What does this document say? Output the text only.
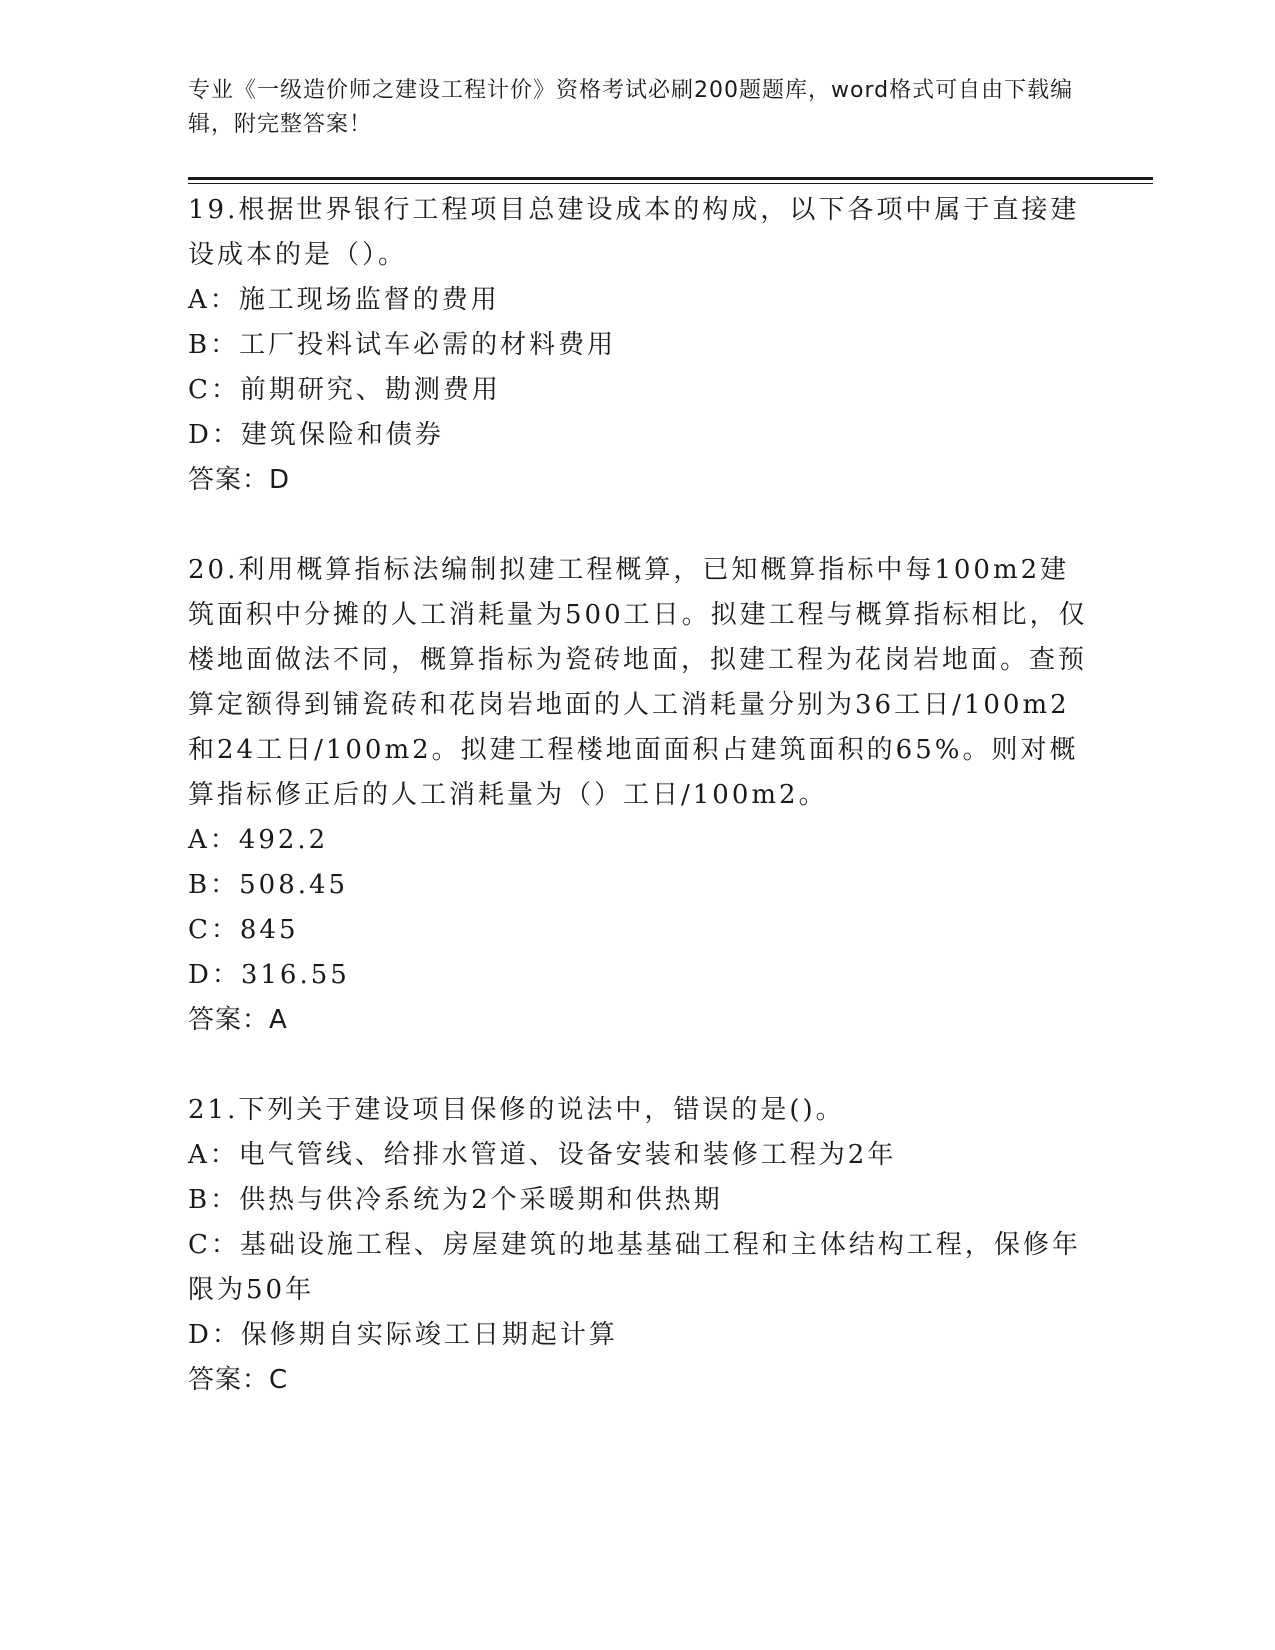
专业《一级造价师之建设工程计价》资格考试必刷200题题库，word格式可自由下载编辑，附完整答案！

19.根据世界银行工程项目总建设成本的构成，以下各项中属于直接建设成本的是（）。

A：施工现场监督的费用

B：工厂投料试车必需的材料费用

C：前期研究、勘测费用

D：建筑保险和债券

答案：D

20.利用概算指标法编制拟建工程概算，已知概算指标中每100m2建筑面积中分摊的人工消耗量为500工日。拟建工程与概算指标相比，仅楼地面做法不同，概算指标为瓷砖地面，拟建工程为花岗岩地面。查预算定额得到铺瓷砖和花岗岩地面的人工消耗量分别为36工日/100m2和24工日/100m2。拟建工程楼地面面积占建筑面积的65%。则对概算指标修正后的人工消耗量为（）工日/100m2。

A：492.2

B：508.45

C：845

D：316.55

答案：A

21.下列关于建设项目保修的说法中，错误的是()。

A：电气管线、给排水管道、设备安装和装修工程为2年

B：供热与供冷系统为2个采暖期和供热期

C：基础设施工程、房屋建筑的地基基础工程和主体结构工程，保修年限为50年

D：保修期自实际竣工日期起计算

答案：C
